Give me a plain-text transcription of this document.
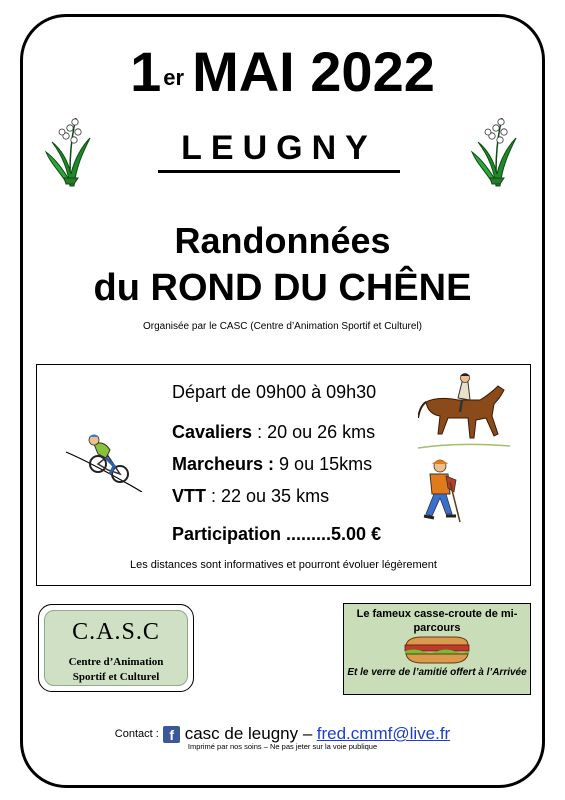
1er MAI 2022
LEUGNY
Randonnées
du ROND DU CHÊNE
Organisée par le CASC (Centre d’Animation Sportif et Culturel)
Départ de 09h00 à 09h30
Cavaliers : 20 ou 26 kms
Marcheurs : 9 ou 15kms
VTT : 22 ou 35 kms
Participation .........5.00 €
Les distances sont informatives et pourront évoluer légèrement
C.A.S.C
Centre d’Animation
Sportif et Culturel
Le fameux casse-croute de mi-parcours
Et le verre de l’amitié offert à l’Arrivée
Contact : f casc de leugny – fred.cmmf@live.fr
Imprimé par nos soins – Ne pas jeter sur la voie publique
